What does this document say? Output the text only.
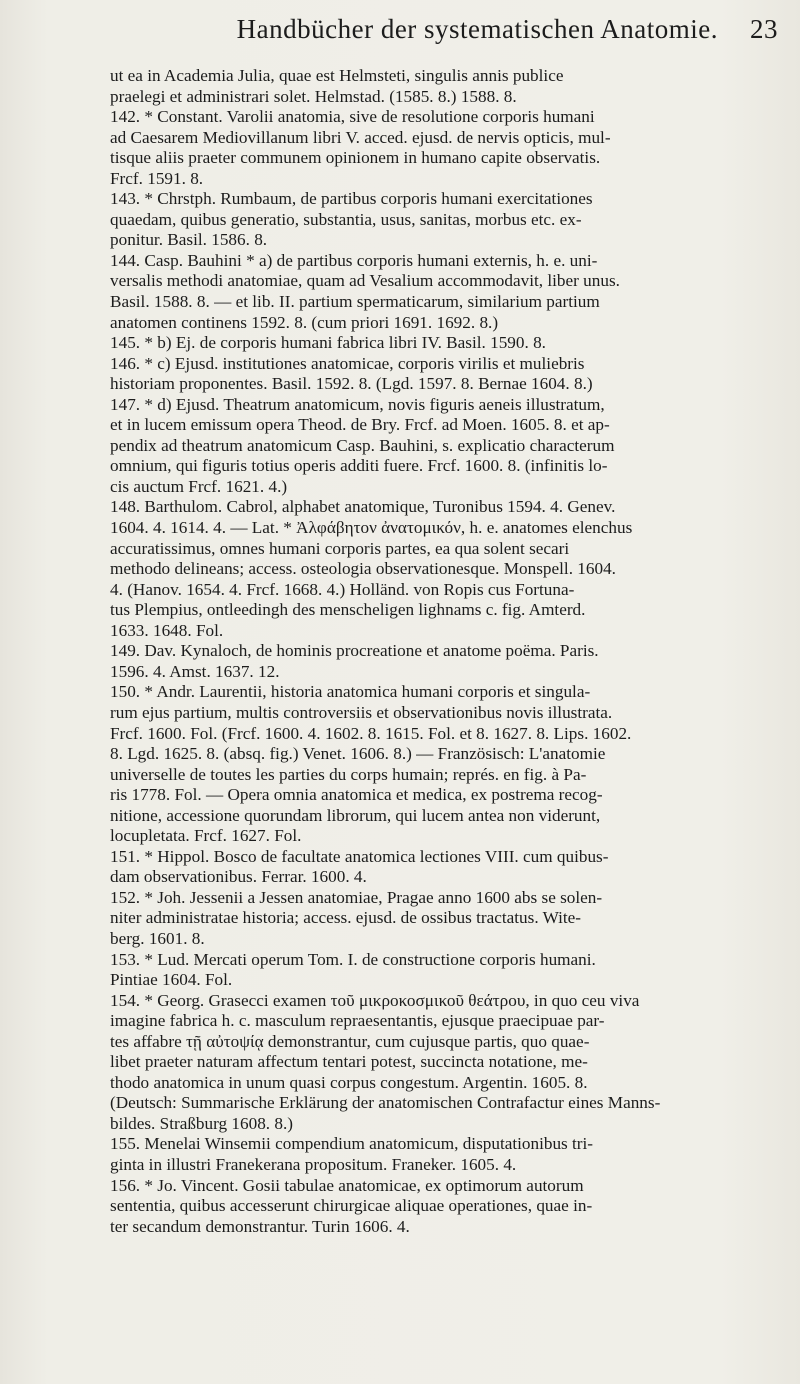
Handbücher der systematischen Anatomie.	23
ut ea in Academia Julia, quae est Helmsteti, singulis annis publice
praelegi et administrari solet. Helmstad. (1585. 8.) 1588. 8.
142. * Constant. Varolii anatomia, sive de resolutione corporis humani
ad Caesarem Mediovillanum libri V. acced. ejusd. de nervis opticis, mul-
tisque aliis praeter communem opinionem in humano capite observatis.
Frcf. 1591. 8.
143. * Chrstph. Rumbaum, de partibus corporis humani exercitationes
quaedam, quibus generatio, substantia, usus, sanitas, morbus etc. ex-
ponitur. Basil. 1586. 8.
144. Casp. Bauhini * a) de partibus corporis humani externis, h. e. uni-
versalis methodi anatomiae, quam ad Vesalium accommodavit, liber unus.
Basil. 1588. 8. — et lib. II. partium spermaticarum, similarium partium
anatomen continens 1592. 8. (cum priori 1691. 1692. 8.)
145. * b) Ej. de corporis humani fabrica libri IV. Basil. 1590. 8.
146. * c) Ejusd. institutiones anatomicae, corporis virilis et muliebris
historiam proponentes. Basil. 1592. 8. (Lgd. 1597. 8. Bernae 1604. 8.)
147. * d) Ejusd. Theatrum anatomicum, novis figuris aeneis illustratum,
et in lucem emissum opera Theod. de Bry. Frcf. ad Moen. 1605. 8. et ap-
pendix ad theatrum anatomicum Casp. Bauhini, s. explicatio characterum
omnium, qui figuris totius operis additi fuere. Frcf. 1600. 8. (infinitis lo-
cis auctum Frcf. 1621. 4.)
148. Barthulom. Cabrol, alphabet anatomique, Turonibus 1594. 4. Genev.
1604. 4. 1614. 4. — Lat. * Ἀλφάβητον ἀνατομικόν, h. e. anatomes elenchus
accuratissimus, omnes humani corporis partes, ea qua solent secari
methodo delineans; access. osteologia observationesque. Monspell. 1604.
4. (Hanov. 1654. 4. Frcf. 1668. 4.) Holländ. von Ropis cus Fortuna-
tus Plempius, ontleedingh des menscheligen lighnams c. fig. Amterd.
1633. 1648. Fol.
149. Dav. Kynaloch, de hominis procreatione et anatome poëma. Paris.
1596. 4. Amst. 1637. 12.
150. * Andr. Laurentii, historia anatomica humani corporis et singula-
rum ejus partium, multis controversiis et observationibus novis illustrata.
Frcf. 1600. Fol. (Frcf. 1600. 4. 1602. 8. 1615. Fol. et 8. 1627. 8. Lips. 1602.
8. Lgd. 1625. 8. (absq. fig.) Venet. 1606. 8.) — Französisch: L'anatomie
universelle de toutes les parties du corps humain; représ. en fig. à Pa-
ris 1778. Fol. — Opera omnia anatomica et medica, ex postrema recog-
nitione, accessione quorundam librorum, qui lucem antea non viderunt,
locupletata. Frcf. 1627. Fol.
151. * Hippol. Bosco de facultate anatomica lectiones VIII. cum quibus-
dam observationibus. Ferrar. 1600. 4.
152. * Joh. Jessenii a Jessen anatomiae, Pragae anno 1600 abs se solen-
niter administratae historia; access. ejusd. de ossibus tractatus. Wite-
berg. 1601. 8.
153. * Lud. Mercati operum Tom. I. de constructione corporis humani.
Pintiae 1604. Fol.
154. * Georg. Grasecci examen τοῦ μικροκοσμικοῦ θεάτρου, in quo ceu viva
imagine fabrica h. c. masculum repraesentantis, ejusque praecipuae par-
tes affabre τῇ αὐτοψίᾳ demonstrantur, cum cujusque partis, quo quae-
libet praeter naturam affectum tentari potest, succincta notatione, me-
thodo anatomica in unum quasi corpus congestum. Argentin. 1605. 8.
(Deutsch: Summarische Erklärung der anatomischen Contrafactur eines Manns-
bildes. Straßburg 1608. 8.)
155. Menelai Winsemii compendium anatomicum, disputationibus tri-
ginta in illustri Franekerana propositum. Franeker. 1605. 4.
156. * Jo. Vincent. Gosii tabulae anatomicae, ex optimorum autorum
sententia, quibus accesserunt chirurgicae aliquae operationes, quae in-
ter secandum demonstrantur. Turin 1606. 4.
